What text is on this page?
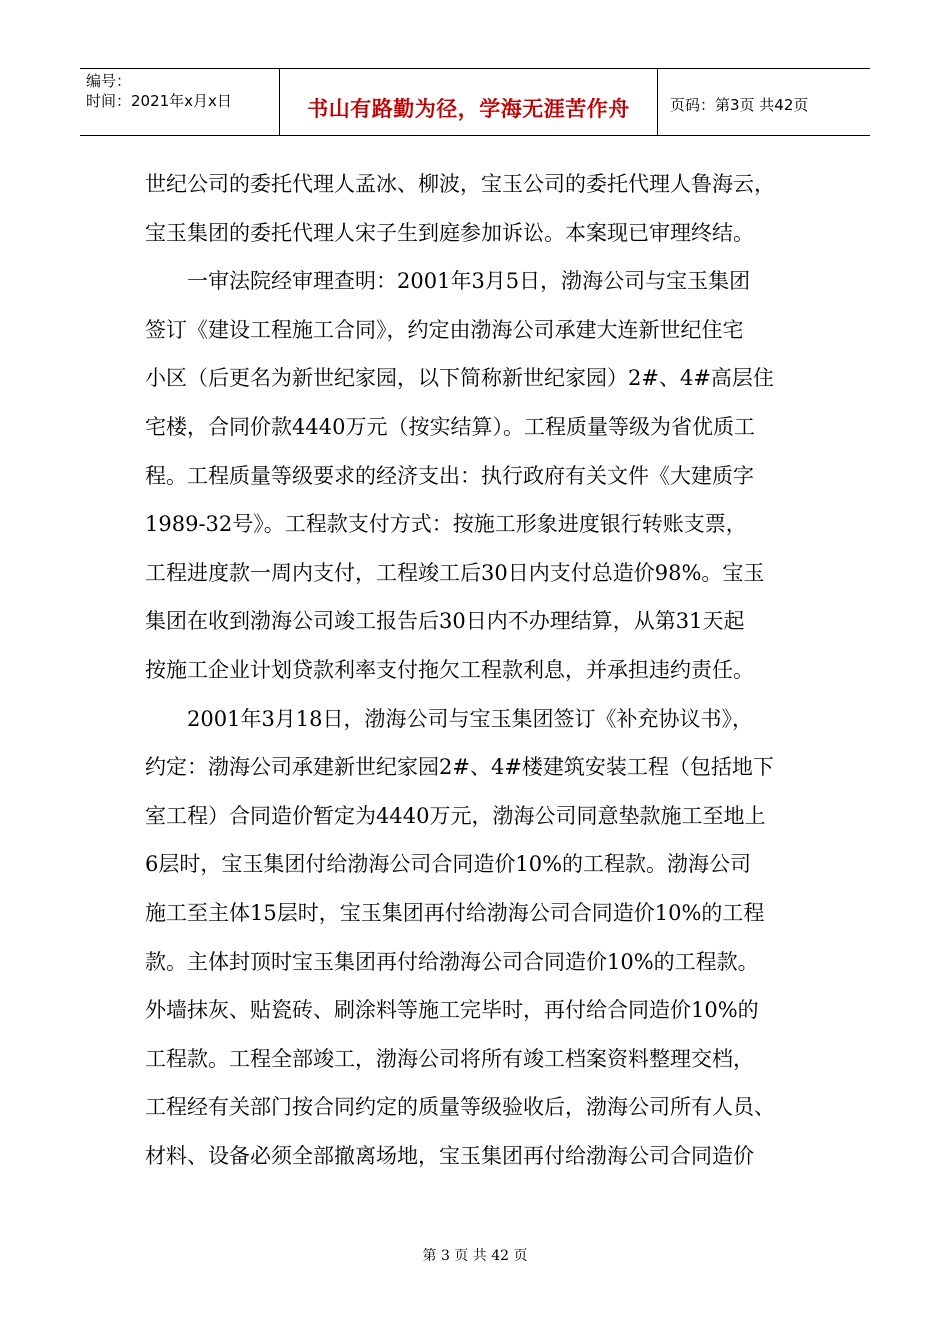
编号：
时间：2021年x月x日	书山有路勤为径，学海无涯苦作舟	页码：第3页 共42页
世纪公司的委托代理人孟冰、柳波，宝玉公司的委托代理人鲁海云，
宝玉集团的委托代理人宋子生到庭参加诉讼。本案现已审理终结。
一审法院经审理查明：2001年3月5日，渤海公司与宝玉集团
签订《建设工程施工合同》，约定由渤海公司承建大连新世纪住宅
小区（后更名为新世纪家园，以下简称新世纪家园）2#、4#高层住
宅楼，合同价款4440万元（按实结算）。工程质量等级为省优质工
程。工程质量等级要求的经济支出：执行政府有关文件《大建质字
1989-32号》。工程款支付方式：按施工形象进度银行转账支票，
工程进度款一周内支付，工程竣工后30日内支付总造价98%。宝玉
集团在收到渤海公司竣工报告后30日内不办理结算，从第31天起
按施工企业计划贷款利率支付拖欠工程款利息，并承担违约责任。
2001年3月18日，渤海公司与宝玉集团签订《补充协议书》，
约定：渤海公司承建新世纪家园2#、4#楼建筑安装工程（包括地下
室工程）合同造价暂定为4440万元，渤海公司同意垫款施工至地上
6层时，宝玉集团付给渤海公司合同造价10%的工程款。渤海公司
施工至主体15层时，宝玉集团再付给渤海公司合同造价10%的工程
款。主体封顶时宝玉集团再付给渤海公司合同造价10%的工程款。
外墙抹灰、贴瓷砖、刷涂料等施工完毕时，再付给合同造价10%的
工程款。工程全部竣工，渤海公司将所有竣工档案资料整理交档，
工程经有关部门按合同约定的质量等级验收后，渤海公司所有人员、
材料、设备必须全部撤离场地，宝玉集团再付给渤海公司合同造价
第 3 页 共 42 页
